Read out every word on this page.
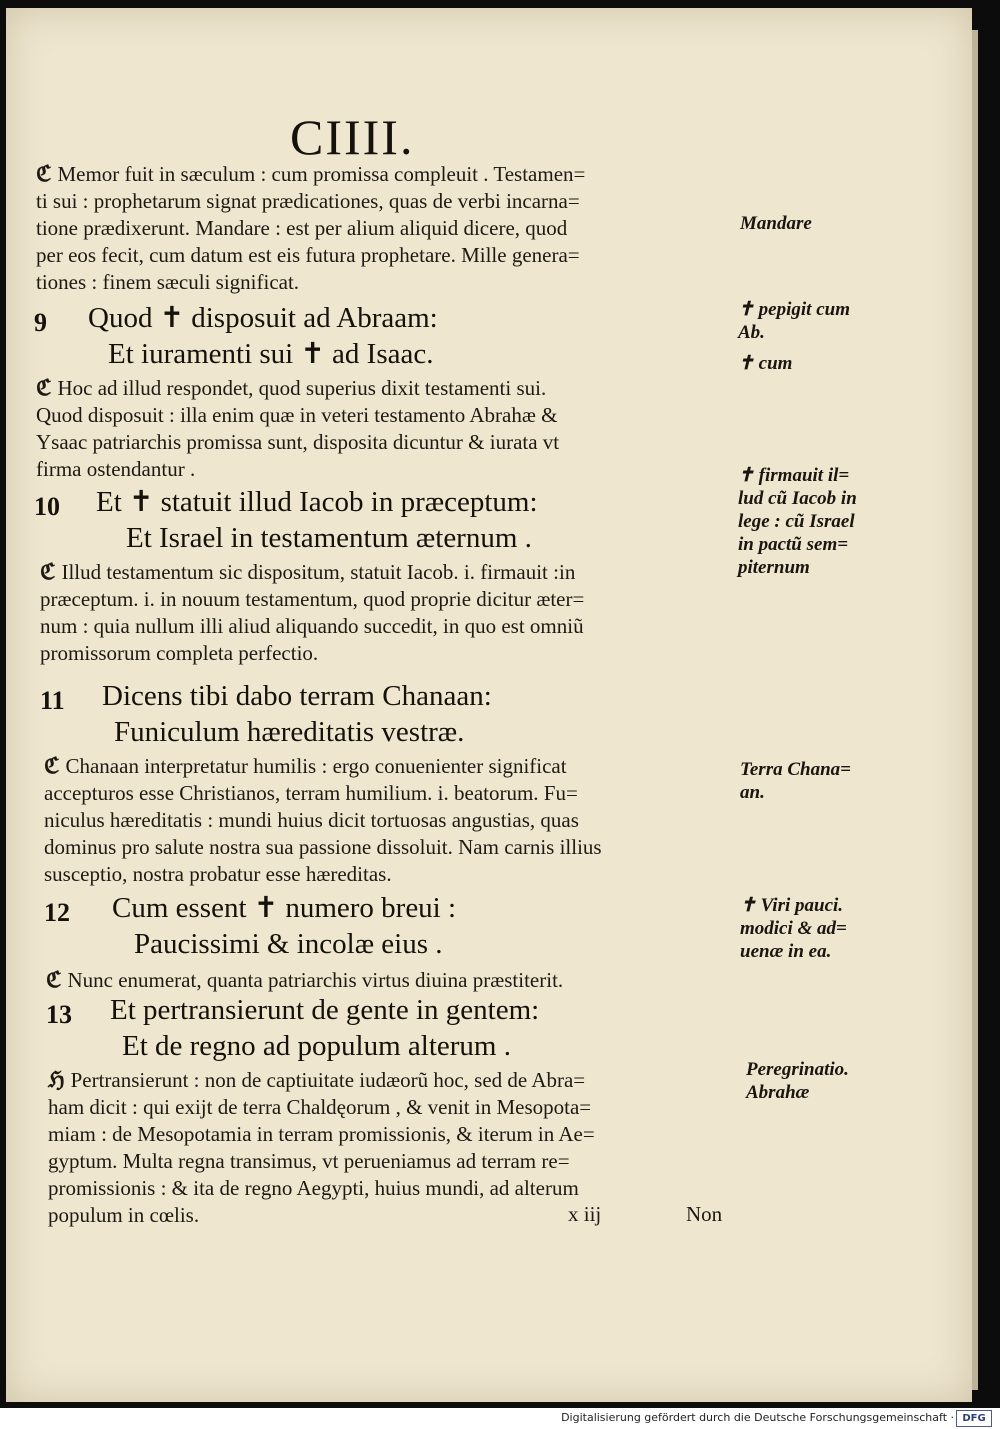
CIIII.
ℭ Memor fuit in sæculum : cum promissa compleuit . Testamen=
ti sui : prophetarum signat prædicationes, quas de verbi incarna=
tione prædixerunt. Mandare : est per alium aliquid dicere, quod
per eos fecit, cum datum est eis futura prophetare. Mille genera=
tiones : finem sæculi significat.
9 Quod ✝ disposuit ad Abraam:
Et iuramenti sui ✝ ad Isaac.
ℭ Hoc ad illud respondet, quod superius dixit testamenti sui.
Quod disposuit : illa enim quæ in veteri testamento Abrahæ &
Ysaac patriarchis promissa sunt, disposita dicuntur & iurata vt
firma ostendantur .
10 Et ✝ statuit illud Iacob in præceptum:
Et Israel in testamentum æternum .
ℭ Illud testamentum sic dispositum, statuit Iacob. i. firmauit :in
præceptum. i. in nouum testamentum, quod proprie dicitur æter=
num : quia nullum illi aliud aliquando succedit, in quo est omniũ
promissorum completa perfectio.
11 Dicens tibi dabo terram Chanaan:
Funiculum hæreditatis vestræ.
ℭ Chanaan interpretatur humilis : ergo conuenienter significat
accepturos esse Christianos, terram humilium. i. beatorum. Fu=
niculus hæreditatis : mundi huius dicit tortuosas angustias, quas
dominus pro salute nostra sua passione dissoluit. Nam carnis illius
susceptio, nostra probatur esse hæreditas.
12 Cum essent ✝ numero breui :
Paucissimi & incolæ eius .
ℭ Nunc enumerat, quanta patriarchis virtus diuina præstiterit.
13 Et pertransierunt de gente in gentem:
Et de regno ad populum alterum .
ℌ Pertransierunt : non de captiuitate iudæorũ hoc, sed de Abra=
ham dicit : qui exijt de terra Chaldęorum , & venit in Mesopota=
miam : de Mesopotamia in terram promissionis, & iterum in Ae=
gyptum. Multa regna transimus, vt perueniamus ad terram re=
promissionis : & ita de regno Aegypti, huius mundi, ad alterum
populum in cœlis.	x iij	Non
Mandare
✝ pepigit cum
Ab.
✝ cum
✝ firmauit il=
lud cũ Iacob in
lege : cũ Israel
in pactũ sem=
piternum
Terra Chana=
an.
✝ Viri pauci.
modici & ad=
uenæ in ea.
Peregrinatio.
Abrahæ
Digitalisierung gefördert durch die Deutsche Forschungsgemeinschaft · DFG
